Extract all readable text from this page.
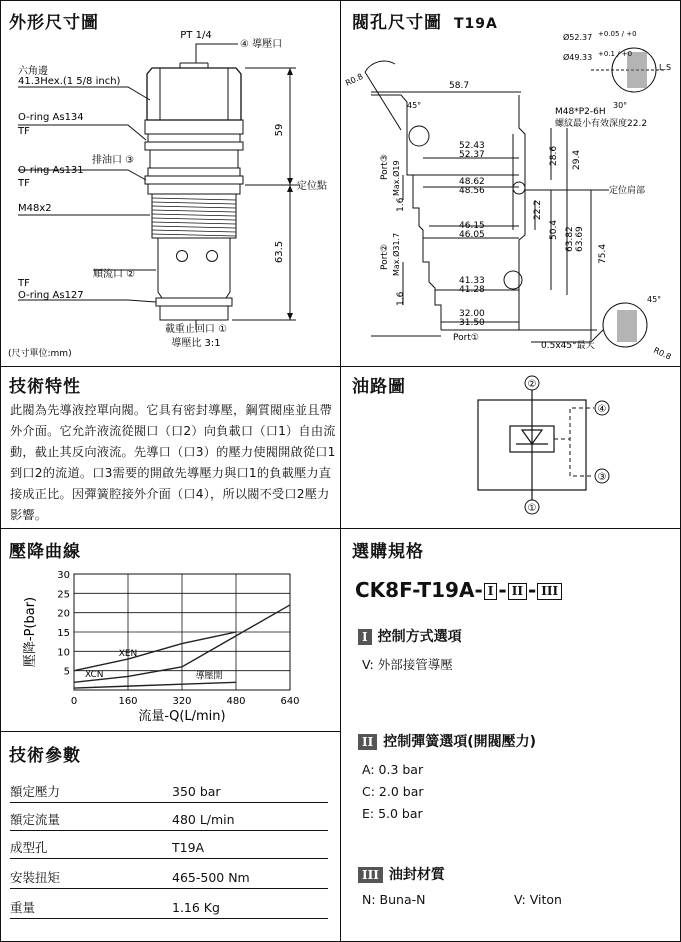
外形尺寸圖	閥孔尺寸圖 T19A
技術特性	油路圖
壓降曲線	選購規格
技術參數
PT 1/4
④ 導壓口
六角邊
41.3Hex.(1 5/8 inch)
O-ring As134
TF
排油口 ③
O-ring As131
TF	定位點
M48x2
順流口 ②
TF
O-ring As127
載重止回口 ①
導壓比 3:1
(尺寸單位:mm)
59
63.5
Ø52.37 +0.05 / +0
Ø49.33 +0.1 / +0
L.S
R0.8	58.7
45°	30°
M48*P2-6H
螺紋最小有效深度22.2
52.43
52.37
Port③ Max.Ø19	48.62
48.56
28.6 29.4
定位肩部
1.6	22.2
46.15
46.05	50.4 63.82 63.69
75.4
Port② Max.Ø31.7
41.33
41.28
1.6
32.00
31.50
Port①
0.5x45°最大
45°
R0.8
此閥為先導液控單向閥。它具有密封導壓，鋼質閥座並且帶外介面。它允許液流從閥口（口2）向負載口（口1）自由流動，截止其反向液流。先導口（口3）的壓力使閥開啟從口1到口2的流道。口3需要的開啟先導壓力與口1的負載壓力直接成正比。因彈簧腔接外介面（口4），所以閥不受口2壓力影響。
②
④
③
①
5
10
15
20
25
30
0	160	320	480	640
XEN
XCN	導壓開
流量-Q(L/min)
壓降-P(bar)
額定壓力	350 bar
額定流量	480 L/min
成型孔	T19A
安裝扭矩	465-500 Nm
重量	1.16 Kg
CK8F-T19A- I - II - III
I 控制方式選項
V: 外部接管導壓
II 控制彈簧選項(開閥壓力)
A: 0.3 bar
C: 2.0 bar
E: 5.0 bar
III 油封材質
N: Buna-N	V: Viton
